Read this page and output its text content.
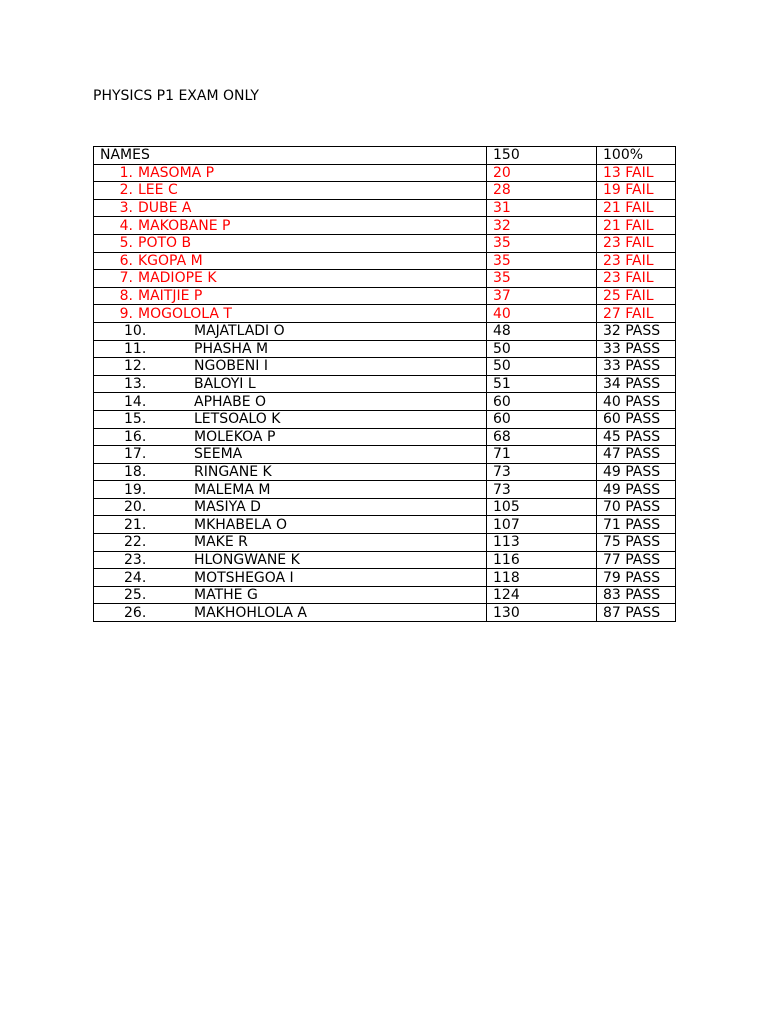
PHYSICS P1 EXAM ONLY
NAMES	150	100%
1. MASOMA P	20	13 FAIL
2. LEE C	28	19 FAIL
3. DUBE A	31	21 FAIL
4. MAKOBANE P	32	21 FAIL
5. POTO B	35	23 FAIL
6. KGOPA M	35	23 FAIL
7. MADIOPE K	35	23 FAIL
8. MAITJIE P	37	25 FAIL
9. MOGOLOLA T	40	27 FAIL
10. MAJATLADI O	48	32 PASS
11. PHASHA M	50	33 PASS
12. NGOBENI I	50	33 PASS
13. BALOYI L	51	34 PASS
14. APHABE O	60	40 PASS
15. LETSOALO K	60	60 PASS
16. MOLEKOA P	68	45 PASS
17. SEEMA	71	47 PASS
18. RINGANE K	73	49 PASS
19. MALEMA M	73	49 PASS
20. MASIYA D	105	70 PASS
21. MKHABELA O	107	71 PASS
22. MAKE R	113	75 PASS
23. HLONGWANE K	116	77 PASS
24. MOTSHEGOA I	118	79 PASS
25. MATHE G	124	83 PASS
26. MAKHOHLOLA A	130	87 PASS
